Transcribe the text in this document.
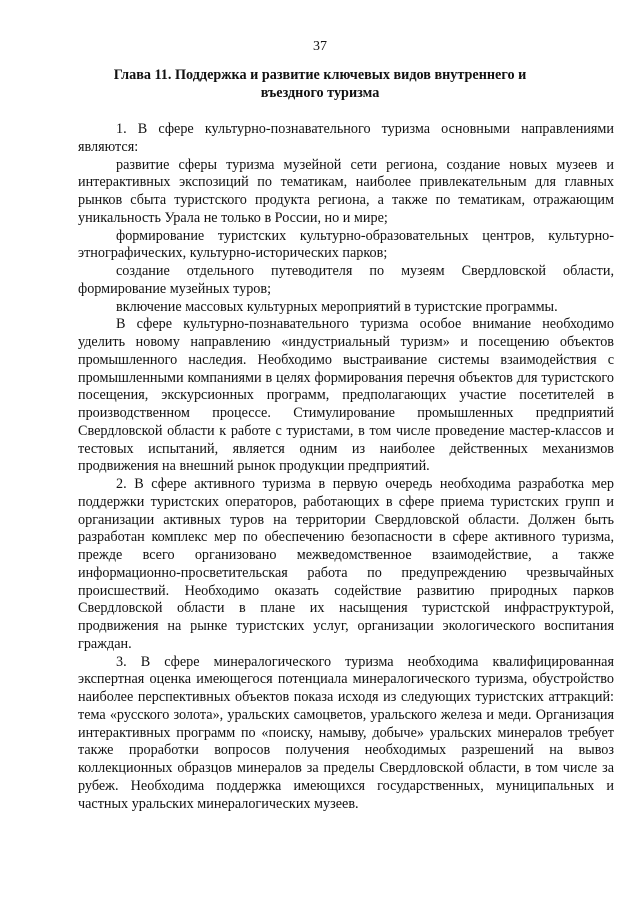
37
Глава 11. Поддержка и развитие ключевых видов внутреннего и въездного туризма

1. В сфере культурно-познавательного туризма основными направлениями являются:

развитие сферы туризма музейной сети региона, создание новых музеев и интерактивных экспозиций по тематикам, наиболее привлекательным для главных рынков сбыта туристского продукта региона, а также по тематикам, отражающим уникальность Урала не только в России, но и мире;

формирование туристских культурно-образовательных центров, культурно-этнографических, культурно-исторических парков;

создание отдельного путеводителя по музеям Свердловской области, формирование музейных туров;

включение массовых культурных мероприятий в туристские программы.

В сфере культурно-познавательного туризма особое внимание необходимо уделить новому направлению «индустриальный туризм» и посещению объектов промышленного наследия. Необходимо выстраивание системы взаимодействия с промышленными компаниями в целях формирования перечня объектов для туристского посещения, экскурсионных программ, предполагающих участие посетителей в производственном процессе. Стимулирование промышленных предприятий Свердловской области к работе с туристами, в том числе проведение мастер-классов и тестовых испытаний, является одним из наиболее действенных механизмов продвижения на внешний рынок продукции предприятий.

2. В сфере активного туризма в первую очередь необходима разработка мер поддержки туристских операторов, работающих в сфере приема туристских групп и организации активных туров на территории Свердловской области. Должен быть разработан комплекс мер по обеспечению безопасности в сфере активного туризма, прежде всего организовано межведомственное взаимодействие, а также информационно-просветительская работа по предупреждению чрезвычайных происшествий. Необходимо оказать содействие развитию природных парков Свердловской области в плане их насыщения туристской инфраструктурой, продвижения на рынке туристских услуг, организации экологического воспитания граждан.

3. В сфере минералогического туризма необходима квалифицированная экспертная оценка имеющегося потенциала минералогического туризма, обустройство наиболее перспективных объектов показа исходя из следующих туристских аттракций: тема «русского золота», уральских самоцветов, уральского железа и меди. Организация интерактивных программ по «поиску, намыву, добыче» уральских минералов требует также проработки вопросов получения необходимых разрешений на вывоз коллекционных образцов минералов за пределы Свердловской области, в том числе за рубеж. Необходима поддержка имеющихся государственных, муниципальных и частных уральских минералогических музеев.
